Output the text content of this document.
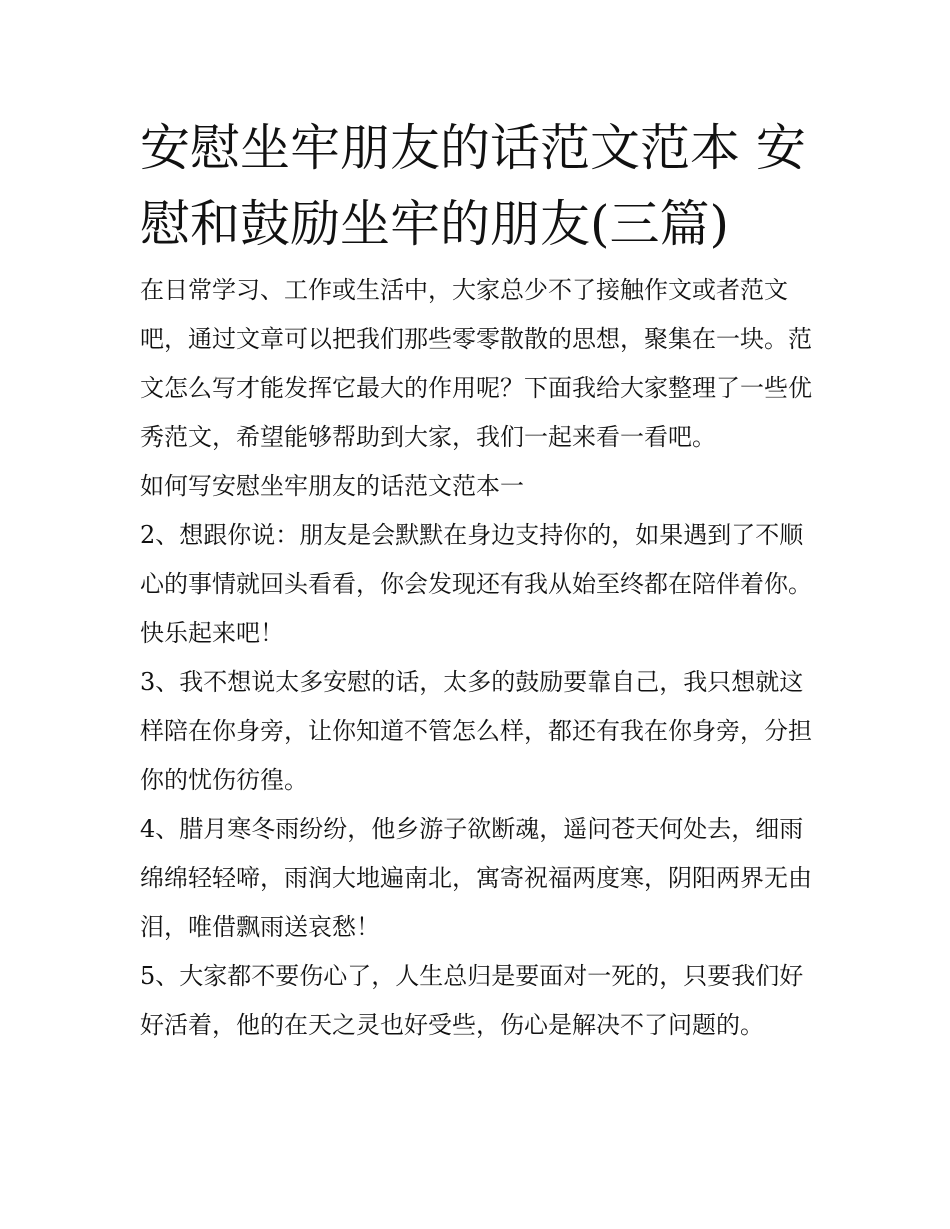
安慰坐牢朋友的话范文范本 安慰和鼓励坐牢的朋友(三篇)

在日常学习、工作或生活中，大家总少不了接触作文或者范文吧，通过文章可以把我们那些零零散散的思想，聚集在一块。范文怎么写才能发挥它最大的作用呢？下面我给大家整理了一些优秀范文，希望能够帮助到大家，我们一起来看一看吧。

如何写安慰坐牢朋友的话范文范本一

2、想跟你说：朋友是会默默在身边支持你的，如果遇到了不顺心的事情就回头看看，你会发现还有我从始至终都在陪伴着你。快乐起来吧！

3、我不想说太多安慰的话，太多的鼓励要靠自己，我只想就这样陪在你身旁，让你知道不管怎么样，都还有我在你身旁，分担你的忧伤彷徨。

4、腊月寒冬雨纷纷，他乡游子欲断魂，遥问苍天何处去，细雨绵绵轻轻啼，雨润大地遍南北，寓寄祝福两度寒，阴阳两界无由泪，唯借飘雨送哀愁！

5、大家都不要伤心了，人生总归是要面对一死的，只要我们好好活着，他的在天之灵也好受些，伤心是解决不了问题的。
